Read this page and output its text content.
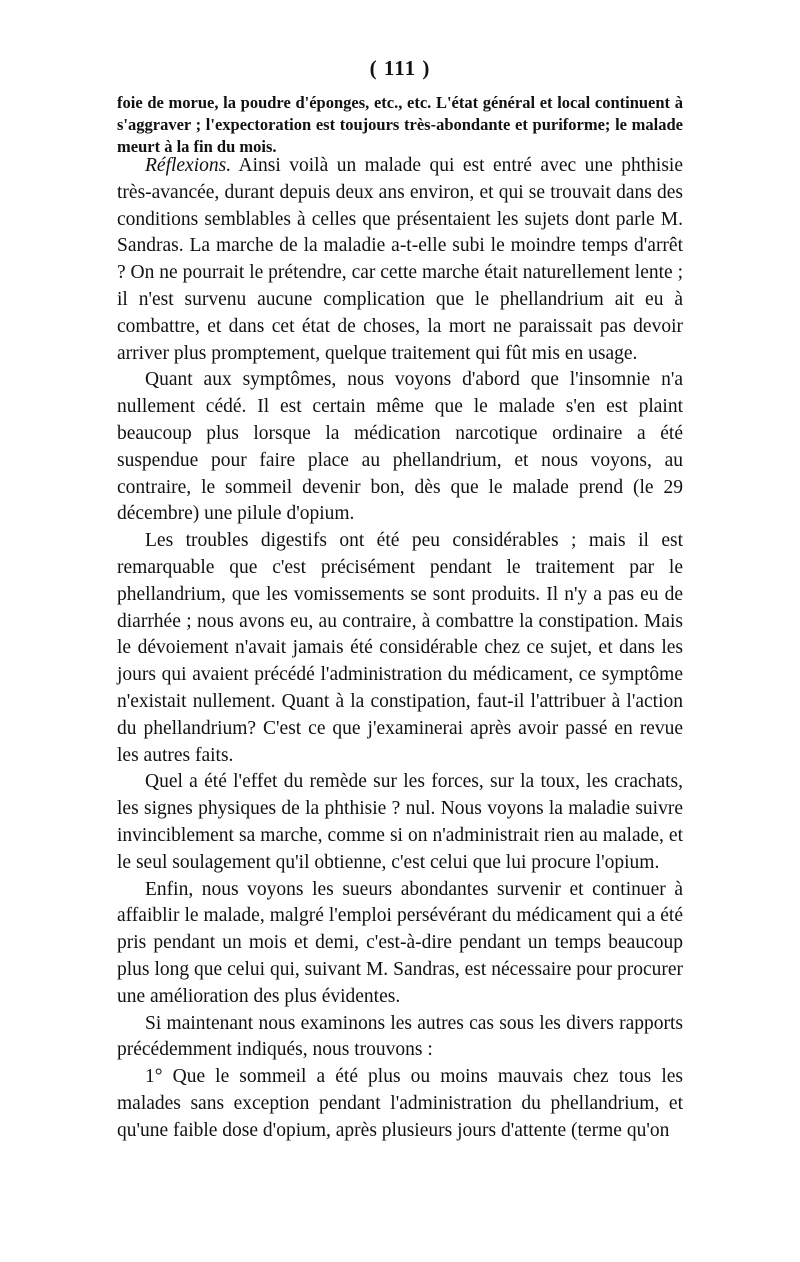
( 111 )

foie de morue, la poudre d'éponges, etc., etc. L'état général et local continuent à s'aggraver ; l'expectoration est toujours très-abondante et puriforme; le malade meurt à la fin du mois.

Réflexions. Ainsi voilà un malade qui est entré avec une phthisie très-avancée, durant depuis deux ans environ, et qui se trouvait dans des conditions semblables à celles que présentaient les sujets dont parle M. Sandras. La marche de la maladie a-t-elle subi le moindre temps d'arrêt ? On ne pourrait le prétendre, car cette marche était naturellement lente ; il n'est survenu aucune complication que le phellandrium ait eu à combattre, et dans cet état de choses, la mort ne paraissait pas devoir arriver plus promptement, quelque traitement qui fût mis en usage.

Quant aux symptômes, nous voyons d'abord que l'insomnie n'a nullement cédé. Il est certain même que le malade s'en est plaint beaucoup plus lorsque la médication narcotique ordinaire a été suspendue pour faire place au phellandrium, et nous voyons, au contraire, le sommeil devenir bon, dès que le malade prend (le 29 décembre) une pilule d'opium.

Les troubles digestifs ont été peu considérables ; mais il est remarquable que c'est précisément pendant le traitement par le phellandrium, que les vomissements se sont produits. Il n'y a pas eu de diarrhée ; nous avons eu, au contraire, à combattre la constipation. Mais le dévoiement n'avait jamais été considérable chez ce sujet, et dans les jours qui avaient précédé l'administration du médicament, ce symptôme n'existait nullement. Quant à la constipation, faut-il l'attribuer à l'action du phellandrium? C'est ce que j'examinerai après avoir passé en revue les autres faits.

Quel a été l'effet du remède sur les forces, sur la toux, les crachats, les signes physiques de la phthisie ? nul. Nous voyons la maladie suivre invinciblement sa marche, comme si on n'administrait rien au malade, et le seul soulagement qu'il obtienne, c'est celui que lui procure l'opium.

Enfin, nous voyons les sueurs abondantes survenir et continuer à affaiblir le malade, malgré l'emploi persévérant du médicament qui a été pris pendant un mois et demi, c'est-à-dire pendant un temps beaucoup plus long que celui qui, suivant M. Sandras, est nécessaire pour procurer une amélioration des plus évidentes.

Si maintenant nous examinons les autres cas sous les divers rapports précédemment indiqués, nous trouvons :

1° Que le sommeil a été plus ou moins mauvais chez tous les malades sans exception pendant l'administration du phellandrium, et qu'une faible dose d'opium, après plusieurs jours d'attente (terme qu'on
